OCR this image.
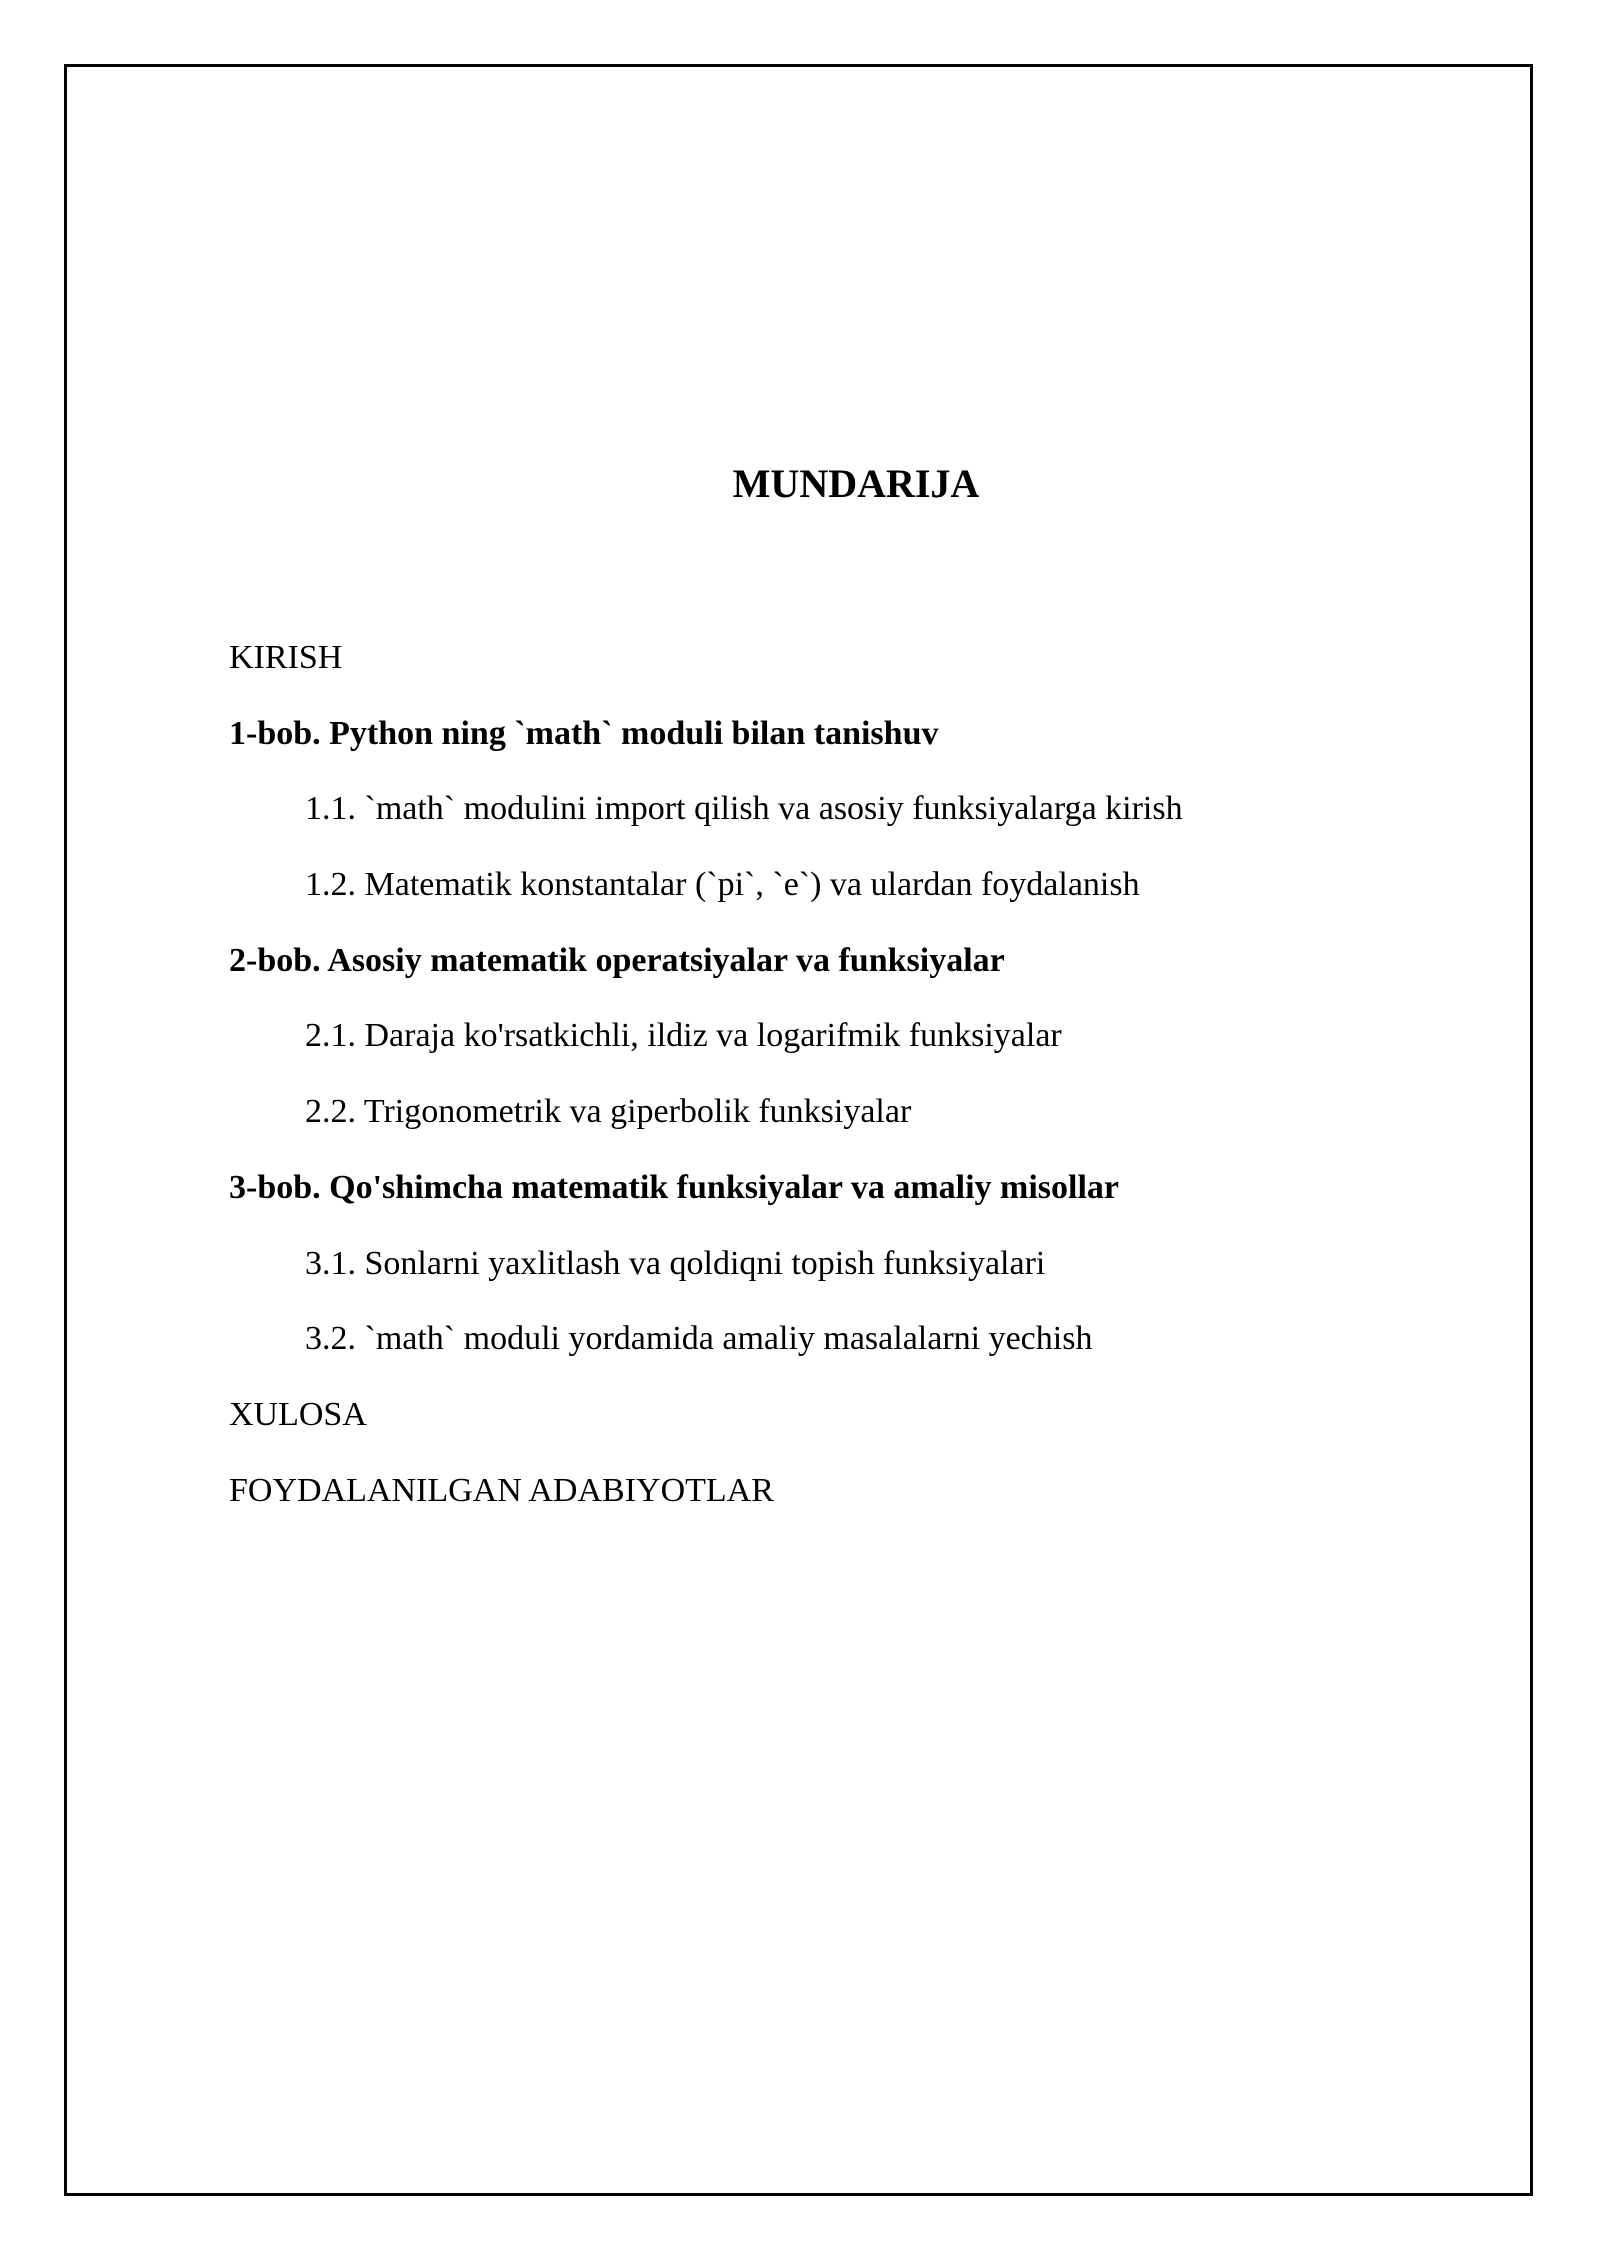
MUNDARIJA
KIRISH
1-bob. Python ning `math` moduli bilan tanishuv
1.1. `math` modulini import qilish va asosiy funksiyalarga kirish
1.2. Matematik konstantalar (`pi`, `e`) va ulardan foydalanish
2-bob. Asosiy matematik operatsiyalar va funksiyalar
2.1. Daraja ko'rsatkichli, ildiz va logarifmik funksiyalar
2.2. Trigonometrik va giperbolik funksiyalar
3-bob. Qo'shimcha matematik funksiyalar va amaliy misollar
3.1. Sonlarni yaxlitlash va qoldiqni topish funksiyalari
3.2. `math` moduli yordamida amaliy masalalarni yechish
XULOSA
FOYDALANILGAN ADABIYOTLAR
